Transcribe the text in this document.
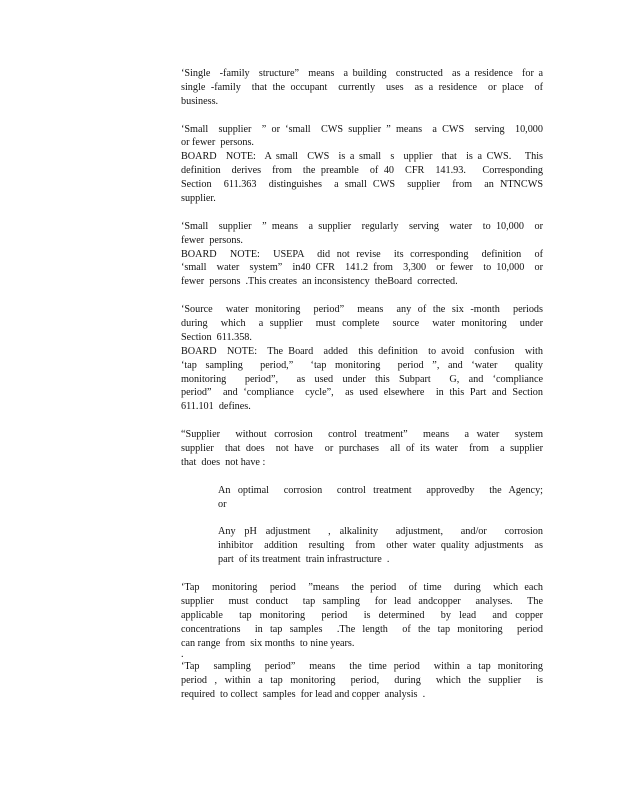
‘Single  -family  structure”  means  a building  constructed  as a residence  for a
single -family  that the occupant  currently  uses  as a residence  or place  of
business.
‘Small  supplier  ” or ‘small  CWS supplier ” means  a CWS  serving  10,000
or fewer  persons.
BOARD  NOTE:  A small  CWS  is a small  s  upplier  that  is a CWS.   This
definition  derives  from  the preamble  of 40  CFR  141.93.   Corresponding
Section  611.363  distinguishes  a small CWS  supplier  from  an NTNCWS
supplier.
‘Small  supplier  ” means  a supplier  regularly  serving  water  to 10,000  or
fewer  persons.
BOARD  NOTE:  USEPA  did not revise  its corresponding  definition  of
‘small  water  system”  in40 CFR  141.2 from  3,300  or fewer  to 10,000  or
fewer  persons  .This creates  an inconsistency  theBoard  corrected.
‘Source  water monitoring  period”  means  any of the six -month  periods
during  which  a supplier  must complete  source  water monitoring  under
Section  611.358.
BOARD  NOTE:  The Board  added  this definition  to avoid  confusion  with
‘tap sampling  period,”  ‘tap monitoring  period ”, and ‘water  quality
monitoring  period”,  as used under this Subpart  G, and ‘compliance
period”  and ‘compliance  cycle”,  as used elsewhere  in this Part and Section
611.101  defines.
“Supplier  without corrosion  control treatment”  means  a water  system
supplier  that does  not have  or purchases  all of its water  from  a supplier
that  does  not have :
An optimal  corrosion  control treatment  approvedby  the Agency;
or
Any pH adjustment  , alkalinity  adjustment,  and/or  corrosion
inhibitor  addition  resulting  from  other water quality adjustments  as
part  of its treatment  train infrastructure  .
‘Tap  monitoring  period  ”means  the period  of time  during  which each
supplier  must conduct  tap sampling  for lead andcopper  analyses.  The
applicable  tap monitoring  period  is determined  by lead  and copper
concentrations  in tap samples  .The length  of the tap monitoring  period
can range  from  six months  to nine years.
.
‘Tap  sampling  period”  means  the time period  within a tap monitoring
period , within a tap monitoring  period,  during  which the supplier  is
required  to collect  samples  for lead and copper  analysis  .
